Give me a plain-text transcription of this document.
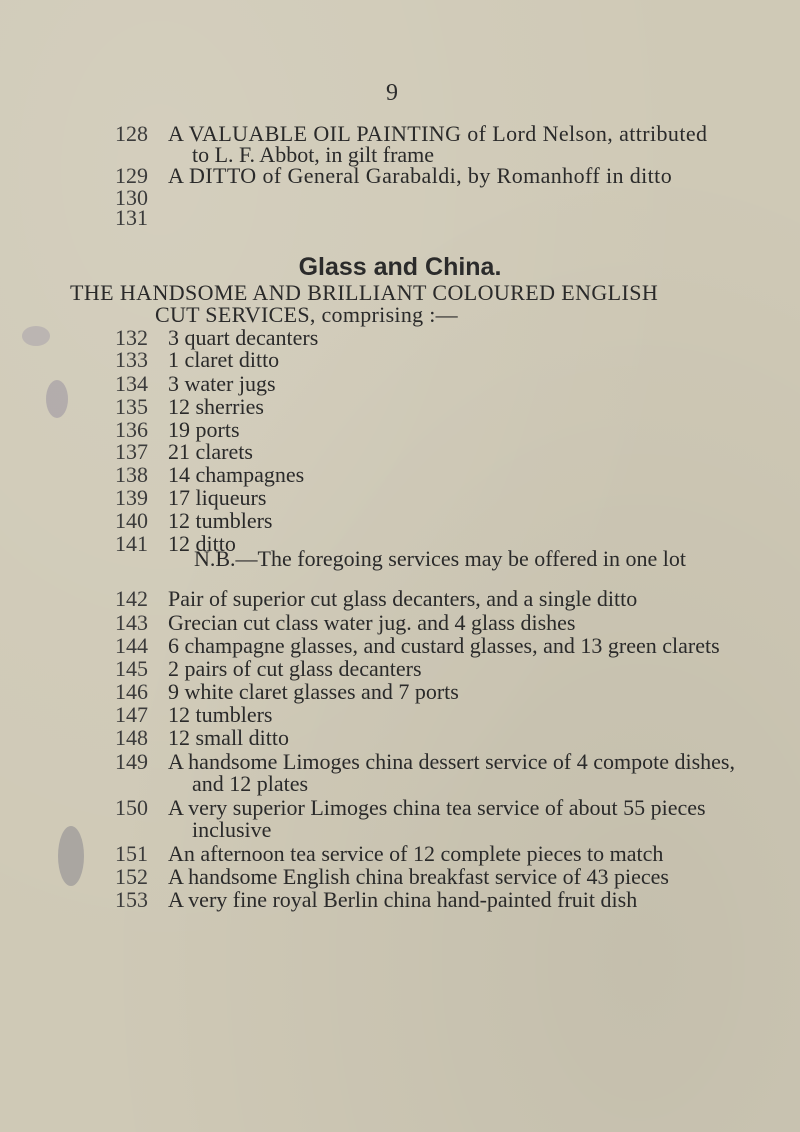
9
128 A VALUABLE OIL PAINTING of Lord Nelson, attributed
to L. F. Abbot, in gilt frame
129 A DITTO of General Garabaldi, by Romanhoff in ditto
130
131
Glass and China.
THE HANDSOME AND BRILLIANT COLOURED ENGLISH
CUT SERVICES, comprising :—
132 3 quart decanters
133 1 claret ditto
134 3 water jugs
135 12 sherries
136 19 ports
137 21 clarets
138 14 champagnes
139 17 liqueurs
140 12 tumblers
141 12 ditto
N.B.—The foregoing services may be offered in one lot
142 Pair of superior cut glass decanters, and a single ditto
143 Grecian cut class water jug. and 4 glass dishes
144 6 champagne glasses, and custard glasses, and 13 green clarets
145 2 pairs of cut glass decanters
146 9 white claret glasses and 7 ports
147 12 tumblers
148 12 small ditto
149 A handsome Limoges china dessert service of 4 compote dishes,
and 12 plates
150 A very superior Limoges china tea service of about 55 pieces
inclusive
151 An afternoon tea service of 12 complete pieces to match
152 A handsome English china breakfast service of 43 pieces
153 A very fine royal Berlin china hand-painted fruit dish
